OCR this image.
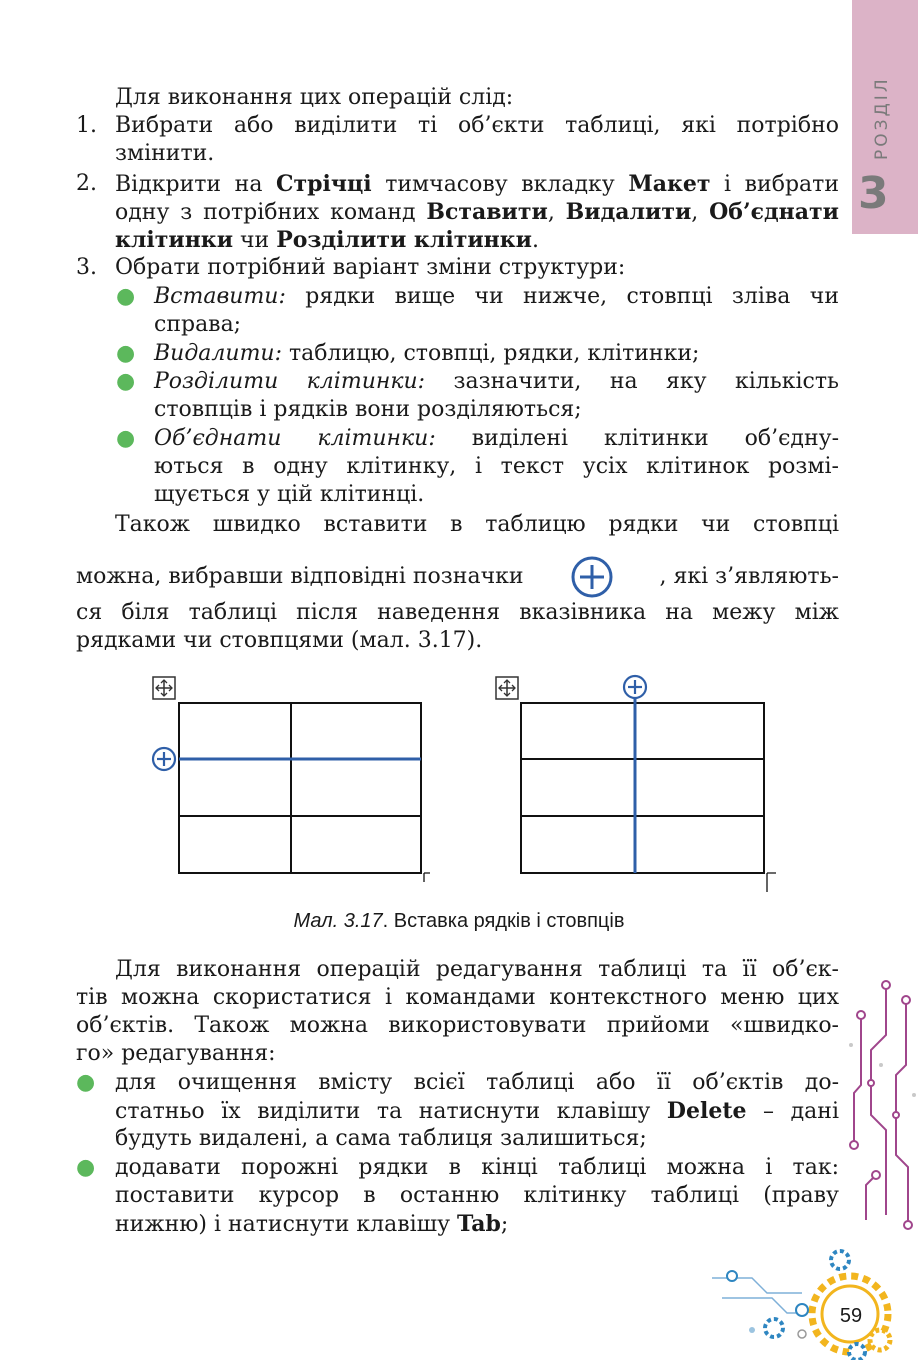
РОЗДІЛ
3
Для виконання цих операцій слід:
1. Вибрати або виділити ті об’єкти таблиці, які потрібно
змінити.
2. Відкрити на Стрічці тимчасову вкладку Макет і вибрати
одну з потрібних команд Вставити, Видалити, Об’єднати
клітинки чи Розділити клітинки.
3. Обрати потрібний варіант зміни структури:
● Вставити: рядки вище чи нижче, стовпці зліва чи
справа;
● Видалити: таблицю, стовпці, рядки, клітинки;
● Розділити клітинки: зазначити, на яку кількість
стовпців і рядків вони розділяються;
● Об’єднати клітинки: виділені клітинки об’єдну-
ються в одну клітинку, і текст усіх клітинок розмі-
щується у цій клітинці.
Також швидко вставити в таблицю рядки чи стовпці
можна, вибравши відповідні позначки	, які з’являють-
ся біля таблиці після наведення вказівника на межу між
рядками чи стовпцями (мал. 3.17).
Мал. 3.17. Вставка рядків і стовпців
Для виконання операцій редагування таблиці та її об’єк-
тів можна скористатися і командами контекстного меню цих
об’єктів. Також можна використовувати прийоми «швидко-
го» редагування:
● для очищення вмісту всієї таблиці або її об’єктів до-
статньо їх виділити та натиснути клавішу Delete – дані
будуть видалені, а сама таблиця залишиться;
● додавати порожні рядки в кінці таблиці можна і так:
поставити курсор в останню клітинку таблиці (праву
нижню) і натиснути клавішу Tab;
59
